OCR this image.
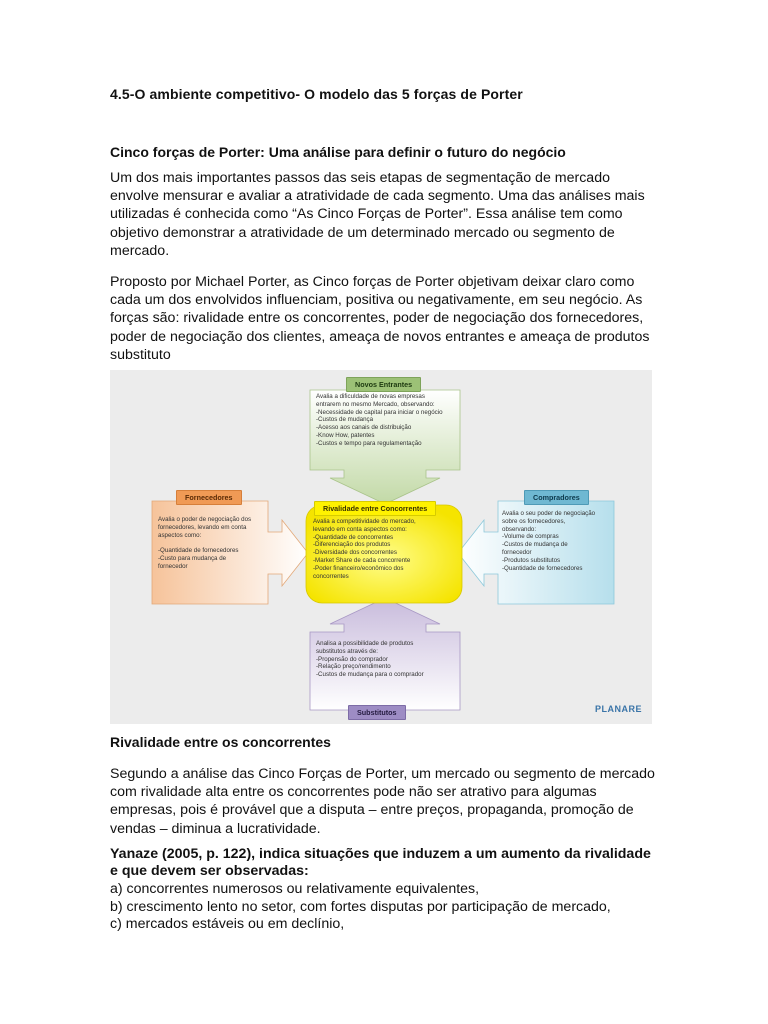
4.5-O ambiente competitivo- O modelo das 5 forças de Porter
Cinco forças de Porter: Uma análise para definir o futuro do negócio

Um dos mais importantes passos das seis etapas de segmentação de mercado envolve mensurar e avaliar a atratividade de cada segmento. Uma das análises mais utilizadas é conhecida como “As Cinco Forças de Porter”. Essa análise tem como objetivo demonstrar a atratividade de um determinado mercado ou segmento de mercado.

Proposto por Michael Porter, as Cinco forças de Porter objetivam deixar claro como cada um dos envolvidos influenciam, positiva ou negativamente, em seu negócio. As forças são: rivalidade entre os concorrentes, poder de negociação dos fornecedores, poder de negociação dos clientes, ameaça de novos entrantes e ameaça de produtos substituto

Novos Entrantes
Fornecedores
Rivalidade entre Concorrentes
Compradores
Substitutos
Avalia a dificuldade de novas empresas
entrarem no mesmo Mercado, observando:
-Necessidade de capital para iniciar o negócio
-Custos de mudança
-Acesso aos canais de distribuição
-Know How, patentes
-Custos e tempo para regulamentação
Avalia o poder de negociação dos
fornecedores, levando em conta
aspectos como:

-Quantidade de fornecedores
-Custo para mudança de
fornecedor
Avalia a competitividade do mercado,
levando em conta aspectos como:
-Quantidade de concorrentes
-Diferenciação dos produtos
-Diversidade dos concorrentes
-Market Share de cada concorrente
-Poder financeiro/econômico dos
concorrentes
Avalia o seu poder de negociação
sobre os fornecedores,
observando:
-Volume de compras
-Custos de mudança de
fornecedor
-Produtos substitutos
-Quantidade de fornecedores
Analisa a possibilidade de produtos
substitutos através de:
-Propensão do comprador
-Relação preço/rendimento
-Custos de mudança para o comprador
PLANARE
Rivalidade entre os concorrentes

Segundo a análise das Cinco Forças de Porter, um mercado ou segmento de mercado com rivalidade alta entre os concorrentes pode não ser atrativo para algumas empresas, pois é provável que a disputa – entre preços, propaganda, promoção de vendas – diminua a lucratividade.

Yanaze (2005, p. 122), indica situações que induzem a um aumento da rivalidade e que devem ser observadas:

a) concorrentes numerosos ou relativamente equivalentes,
b) crescimento lento no setor, com fortes disputas por participação de mercado,
c) mercados estáveis ou em declínio,
